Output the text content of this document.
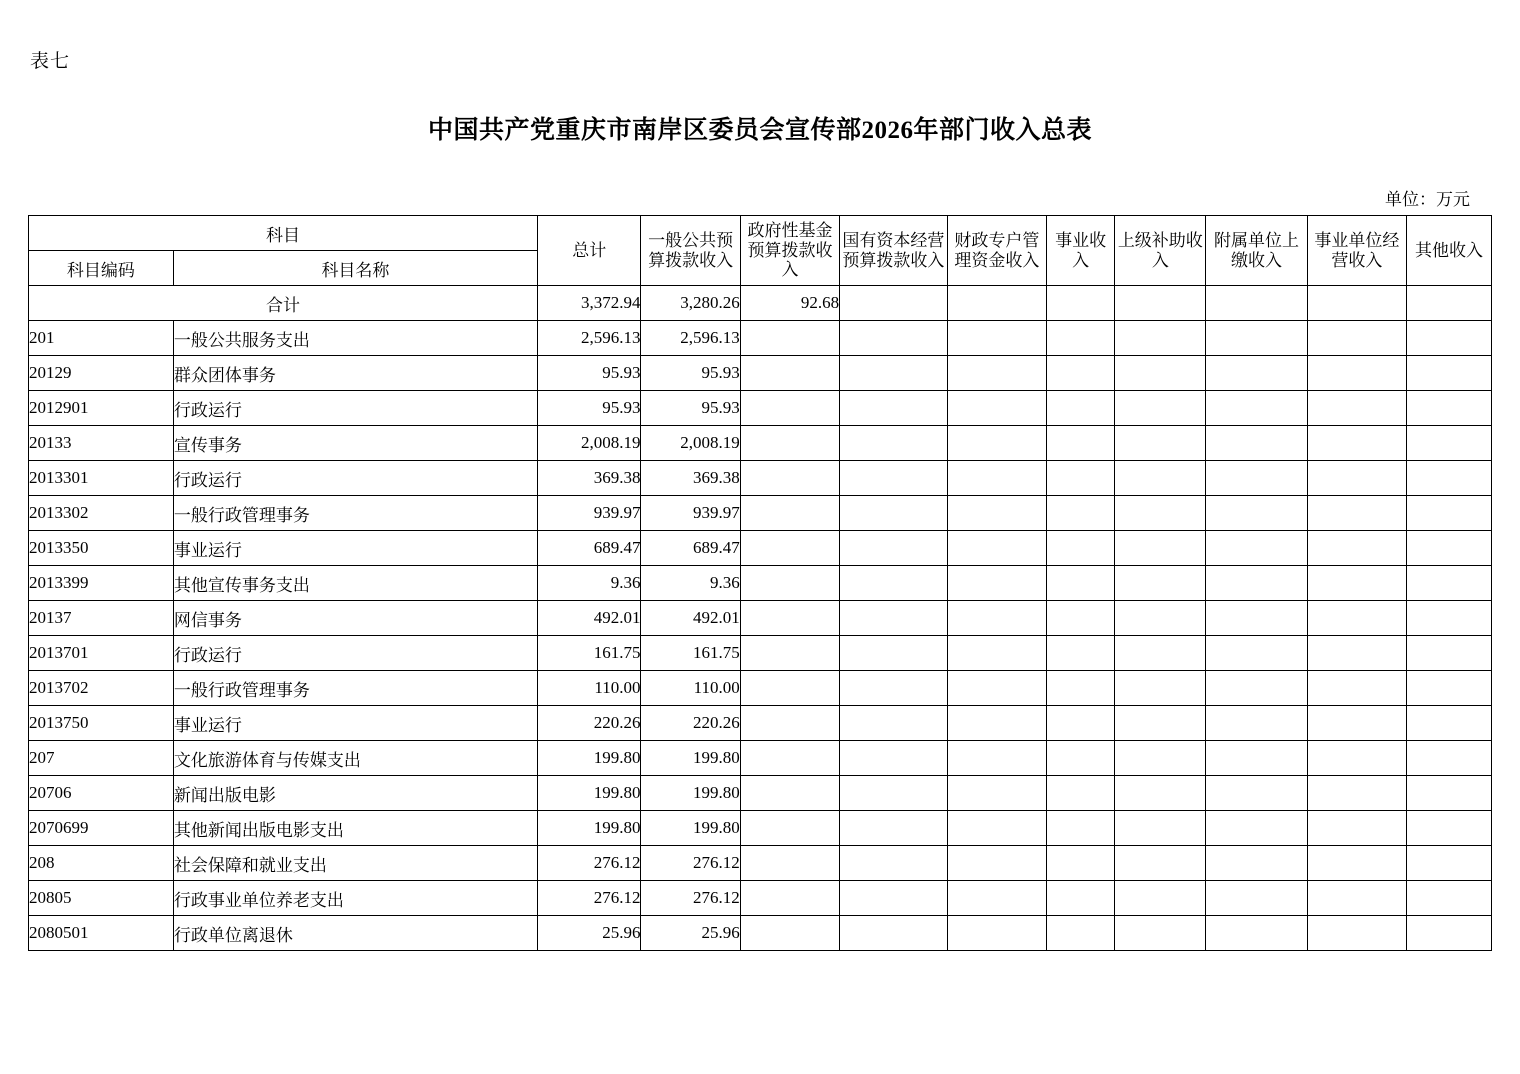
表七
中国共产党重庆市南岸区委员会宣传部2026年部门收入总表
单位：万元
科目		总计	一般公共预算拨款收入	政府性基金预算拨款收入	国有资本经营预算拨款收入	财政专户管理资金收入	事业收入	上级补助收入	附属单位上缴收入	事业单位经营收入	其他收入
科目编码	科目名称										
合计		3,372.94	3,280.26	92.68							
201	一般公共服务支出	2,596.13	2,596.13								
20129	群众团体事务	95.93	95.93								
2012901	行政运行	95.93	95.93								
20133	宣传事务	2,008.19	2,008.19								
2013301	行政运行	369.38	369.38								
2013302	一般行政管理事务	939.97	939.97								
2013350	事业运行	689.47	689.47								
2013399	其他宣传事务支出	9.36	9.36								
20137	网信事务	492.01	492.01								
2013701	行政运行	161.75	161.75								
2013702	一般行政管理事务	110.00	110.00								
2013750	事业运行	220.26	220.26								
207	文化旅游体育与传媒支出	199.80	199.80								
20706	新闻出版电影	199.80	199.80								
2070699	其他新闻出版电影支出	199.80	199.80								
208	社会保障和就业支出	276.12	276.12								
20805	行政事业单位养老支出	276.12	276.12								
2080501	行政单位离退休	25.96	25.96								
